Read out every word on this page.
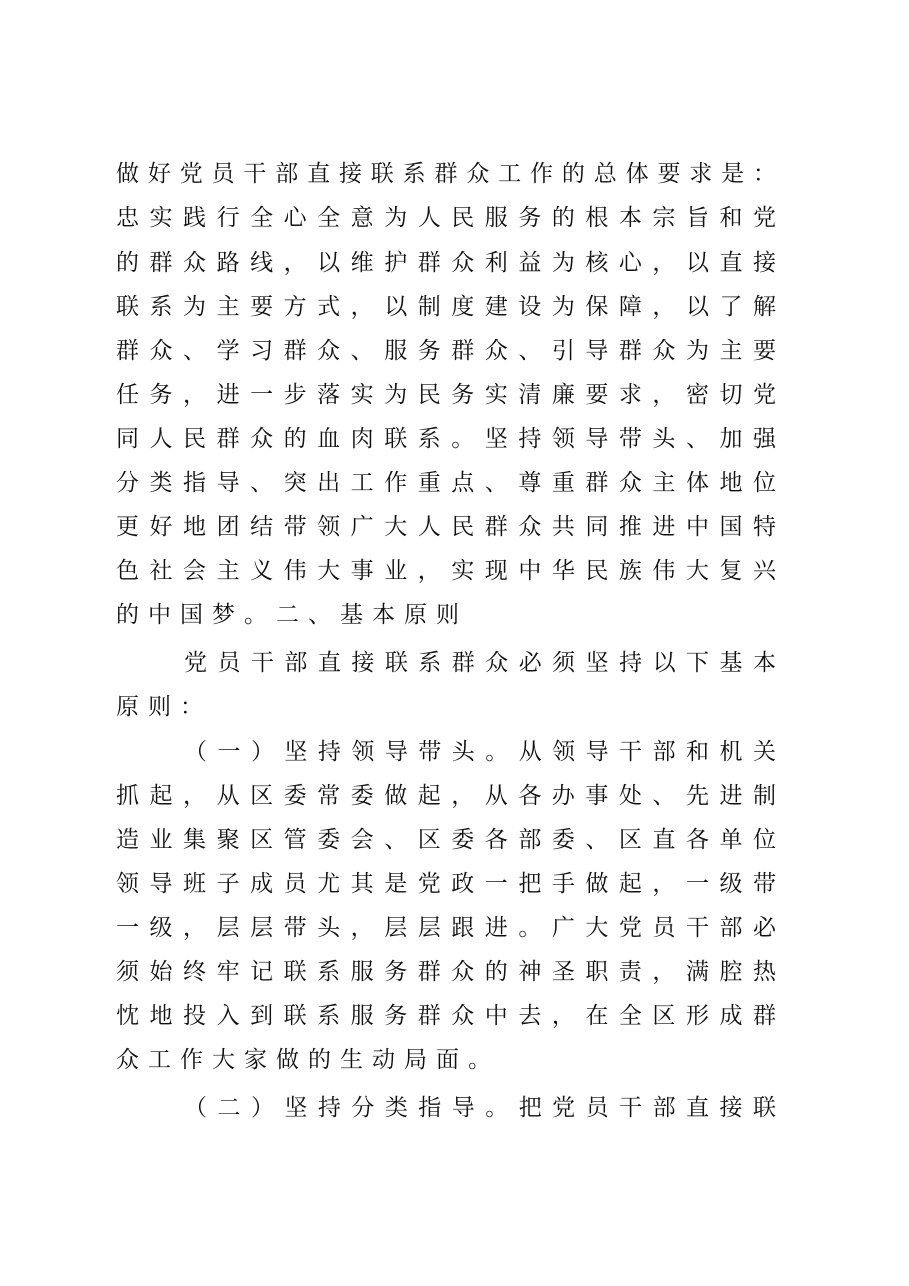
做好党员干部直接联系群众工作的总体要求是：
忠实践行全心全意为人民服务的根本宗旨和党
的群众路线，以维护群众利益为核心，以直接
联系为主要方式，以制度建设为保障，以了解
群众、学习群众、服务群众、引导群众为主要
任务，进一步落实为民务实清廉要求，密切党
同人民群众的血肉联系。坚持领导带头、加强
分类指导、突出工作重点、尊重群众主体地位
更好地团结带领广大人民群众共同推进中国特
色社会主义伟大事业，实现中华民族伟大复兴
的中国梦。二、基本原则
党员干部直接联系群众必须坚持以下基本
原则：
（一）坚持领导带头。从领导干部和机关
抓起，从区委常委做起，从各办事处、先进制
造业集聚区管委会、区委各部委、区直各单位
领导班子成员尤其是党政一把手做起，一级带
一级，层层带头，层层跟进。广大党员干部必
须始终牢记联系服务群众的神圣职责，满腔热
忱地投入到联系服务群众中去，在全区形成群
众工作大家做的生动局面。
（二）坚持分类指导。把党员干部直接联
